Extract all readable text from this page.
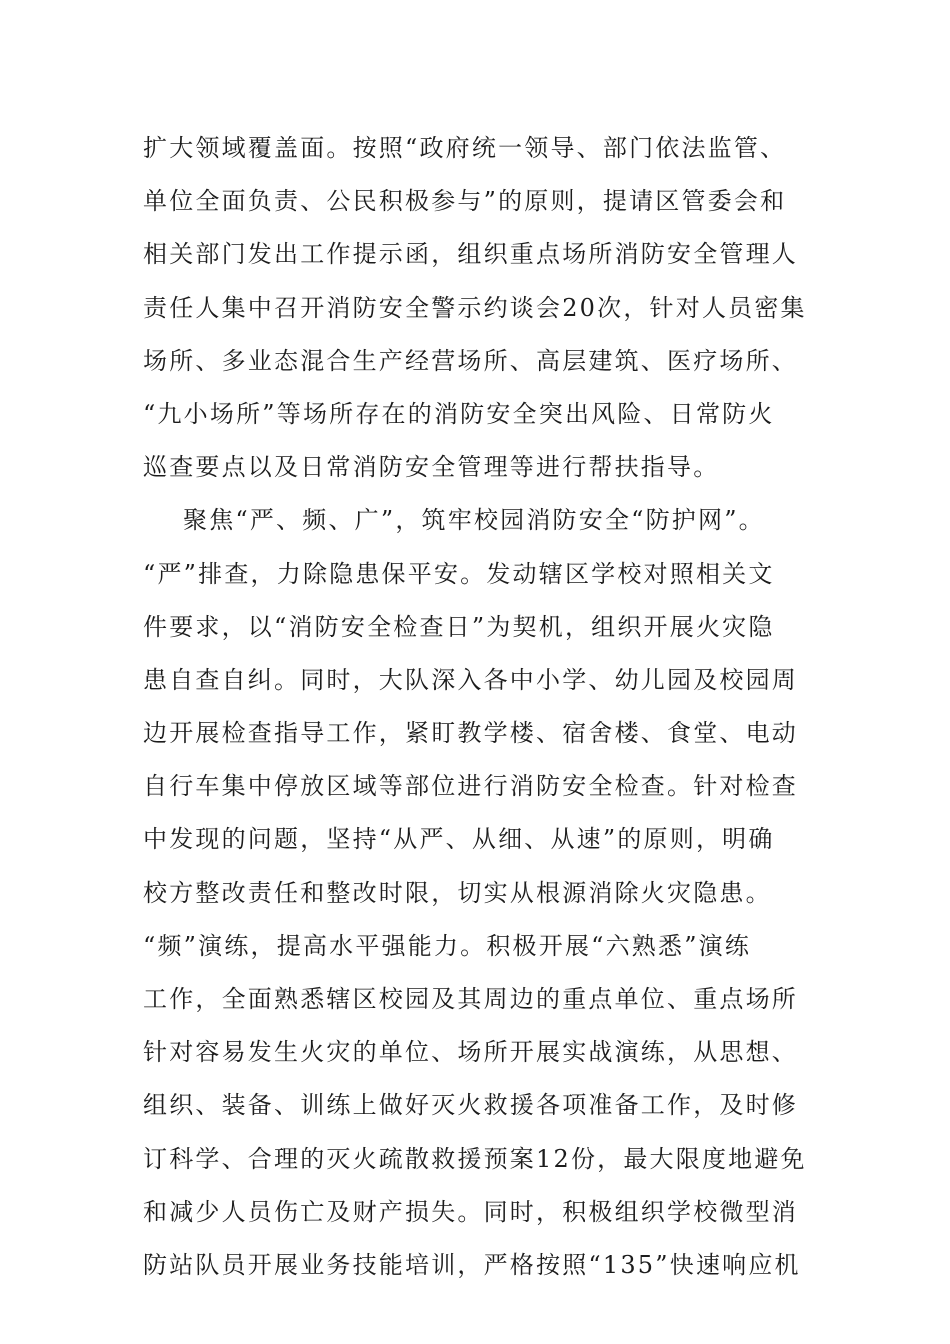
扩大领域覆盖面。按照“政府统一领导、部门依法监管、
单位全面负责、公民积极参与”的原则，提请区管委会和
相关部门发出工作提示函，组织重点场所消防安全管理人
责任人集中召开消防安全警示约谈会20次，针对人员密集
场所、多业态混合生产经营场所、高层建筑、医疗场所、
“九小场所”等场所存在的消防安全突出风险、日常防火
巡查要点以及日常消防安全管理等进行帮扶指导。
聚焦“严、频、广”，筑牢校园消防安全“防护网”。
“严”排查，力除隐患保平安。发动辖区学校对照相关文
件要求，以“消防安全检查日”为契机，组织开展火灾隐
患自查自纠。同时，大队深入各中小学、幼儿园及校园周
边开展检查指导工作，紧盯教学楼、宿舍楼、食堂、电动
自行车集中停放区域等部位进行消防安全检查。针对检查
中发现的问题，坚持“从严、从细、从速”的原则，明确
校方整改责任和整改时限，切实从根源消除火灾隐患。
“频”演练，提高水平强能力。积极开展“六熟悉”演练
工作，全面熟悉辖区校园及其周边的重点单位、重点场所
针对容易发生火灾的单位、场所开展实战演练，从思想、
组织、装备、训练上做好灭火救援各项准备工作，及时修
订科学、合理的灭火疏散救援预案12份，最大限度地避免
和减少人员伤亡及财产损失。同时，积极组织学校微型消
防站队员开展业务技能培训，严格按照“135”快速响应机
